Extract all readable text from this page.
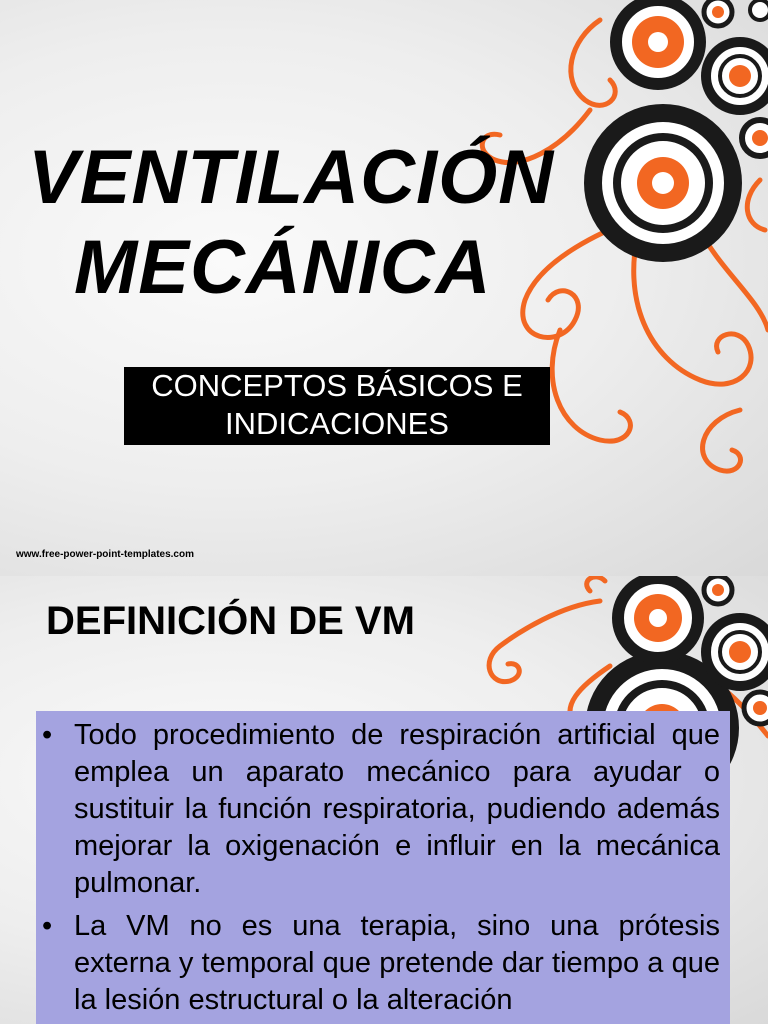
VENTILACIÓN
MECÁNICA
CONCEPTOS BÁSICOS E
INDICACIONES
www.free-power-point-templates.com
DEFINICIÓN DE VM
• Todo procedimiento de respiración artificial que emplea un aparato mecánico para ayudar o sustituir la función respiratoria, pudiendo además mejorar la oxigenación e influir en la mecánica pulmonar.
• La VM no es una terapia, sino una prótesis externa y temporal que pretende dar tiempo a que la lesión estructural o la alteración
